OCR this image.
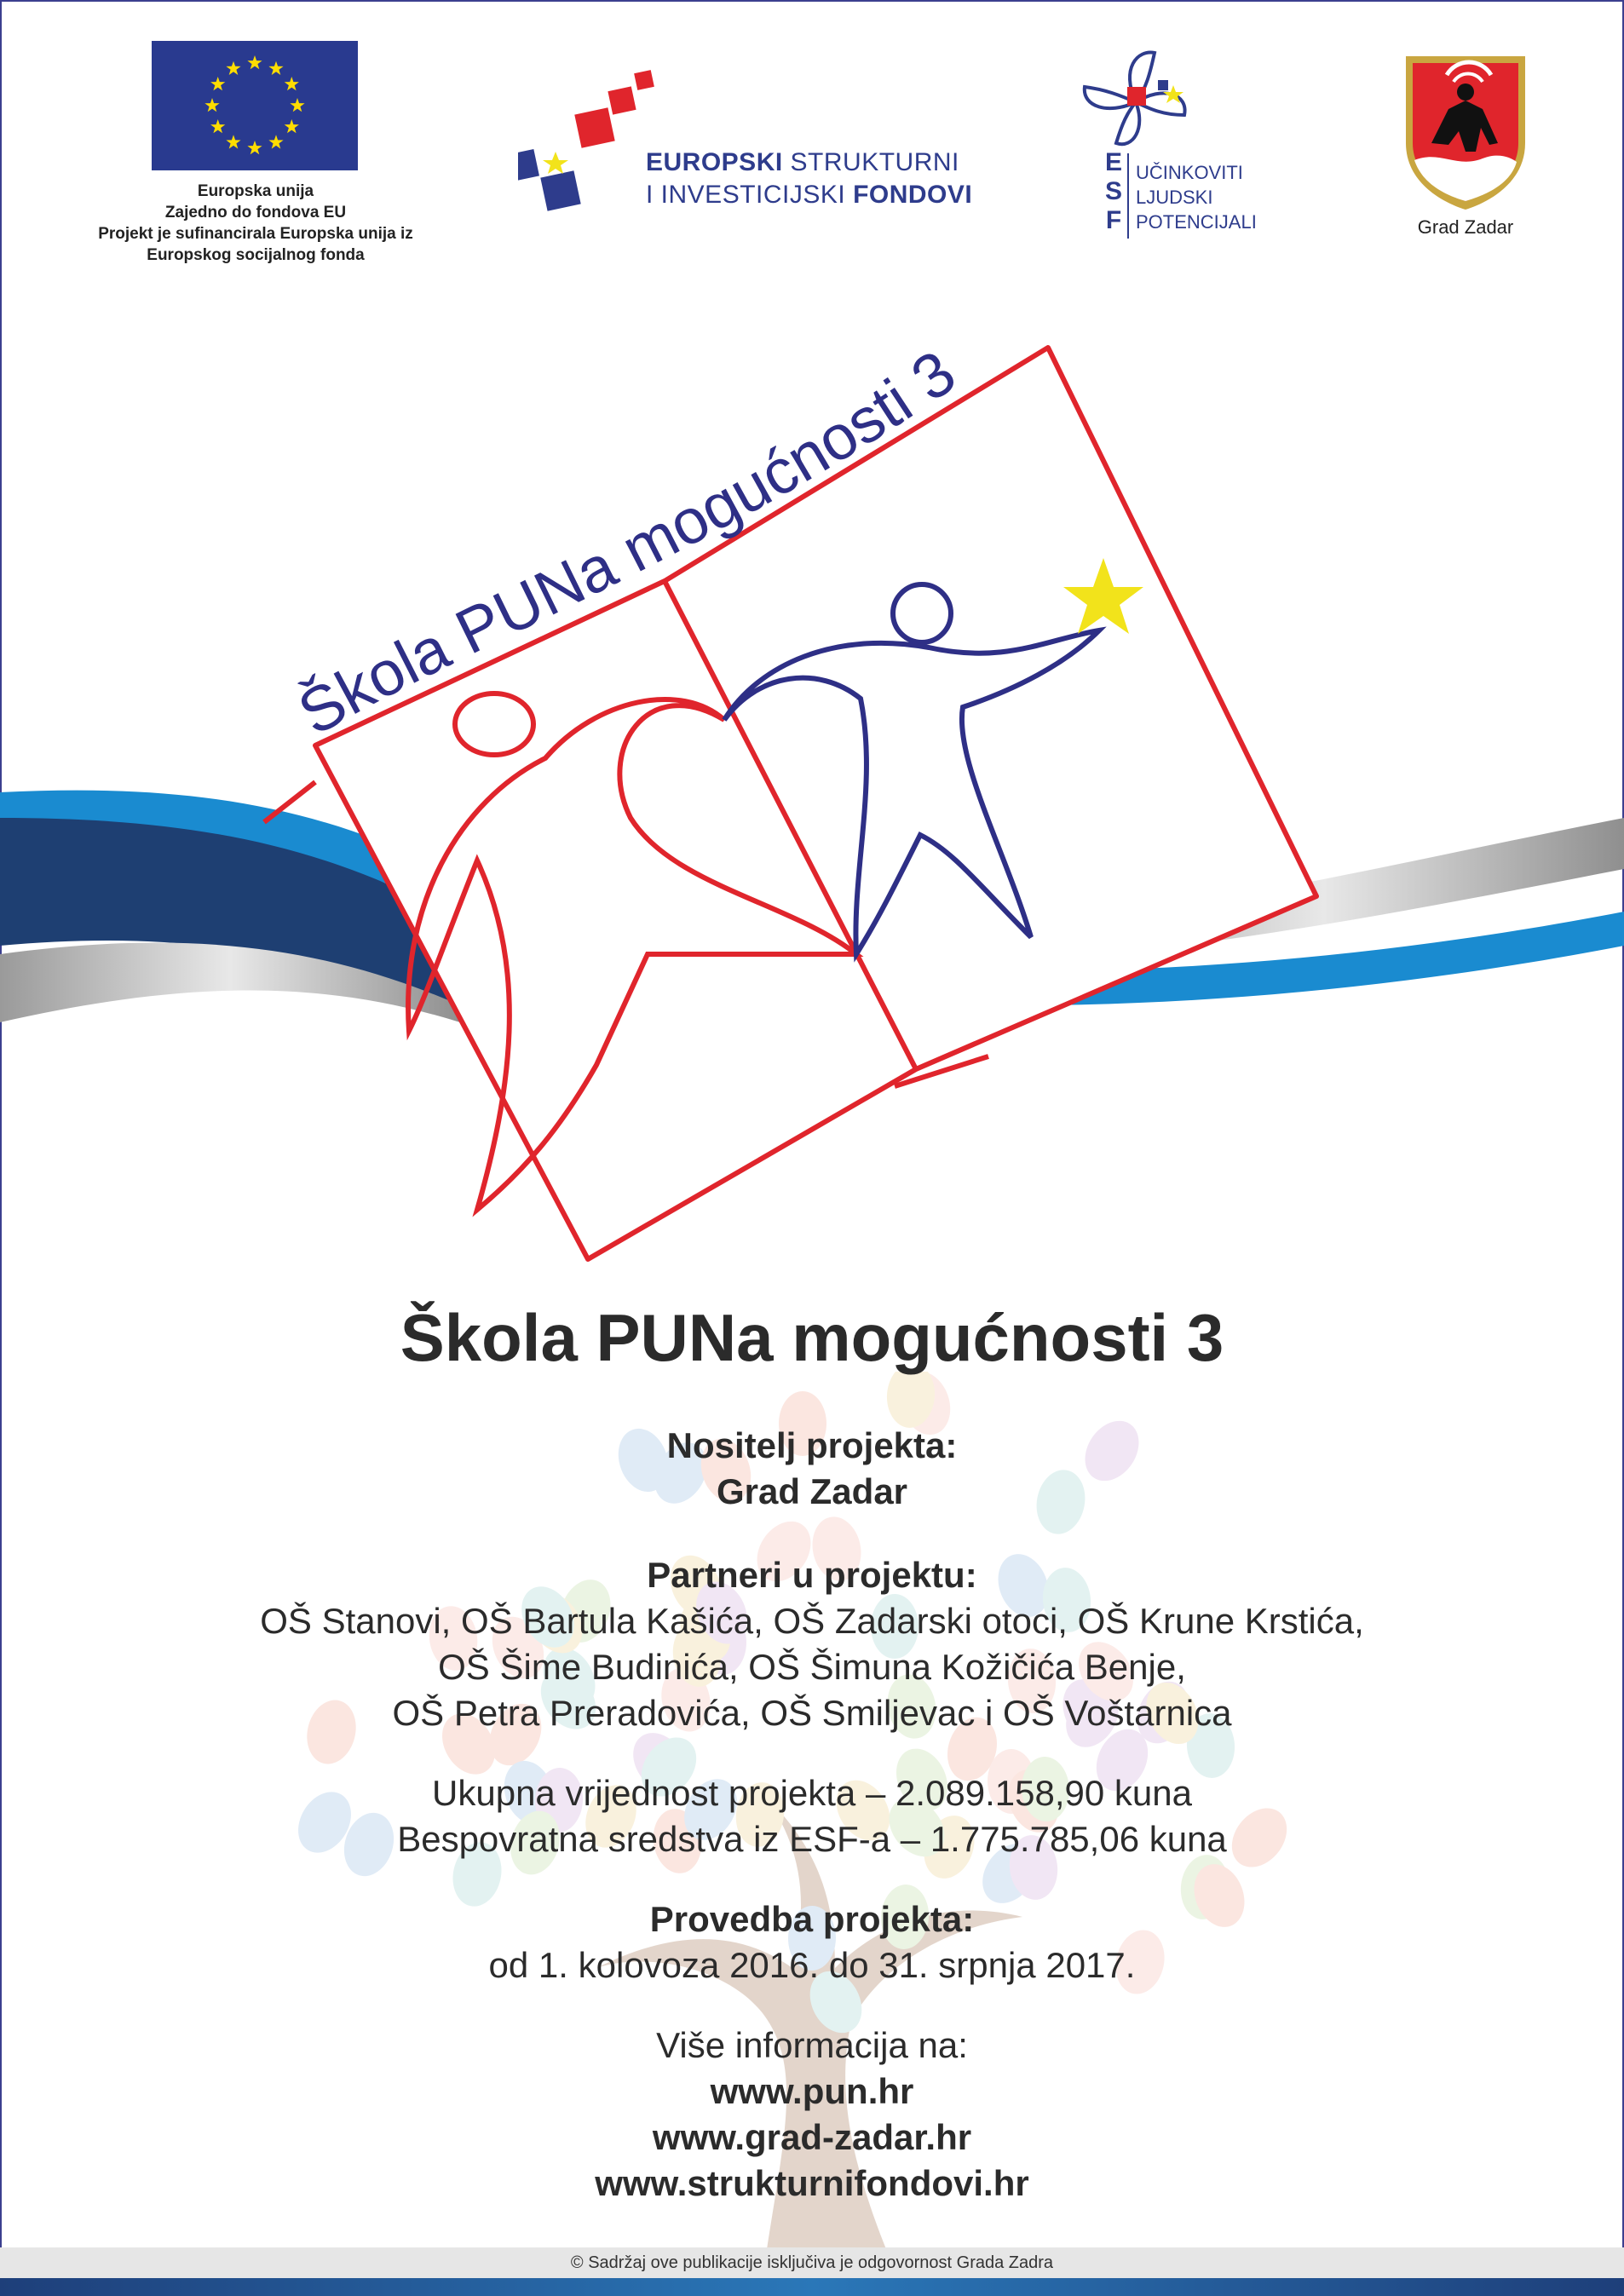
Europska unija
Zajedno do fondova EU
Projekt je sufinancirala Europska unija iz
Europskog socijalnog fonda
EUROPSKI STRUKTURNI
I INVESTICIJSKI FONDOVI
E
S
F
UČINKOVITI
LJUDSKI
POTENCIJALI	Grad Zadar
Škola PUNa mogućnosti 3
Škola PUNa mogućnosti 3
Nositelj projekta:
Grad Zadar
Partneri u projektu:
OŠ Stanovi, OŠ Bartula Kašića, OŠ Zadarski otoci, OŠ Krune Krstića,
OŠ Šime Budinića, OŠ Šimuna Kožičića Benje,
OŠ Petra Preradovića, OŠ Smiljevac i OŠ Voštarnica
Ukupna vrijednost projekta – 2.089.158,90 kuna
Bespovratna sredstva iz ESF-a – 1.775.785,06 kuna
Provedba projekta:
od 1. kolovoza 2016. do 31. srpnja 2017.
Više informacija na:
www.pun.hr
www.grad-zadar.hr
www.strukturnifondovi.hr
© Sadržaj ove publikacije isključiva je odgovornost Grada Zadra
